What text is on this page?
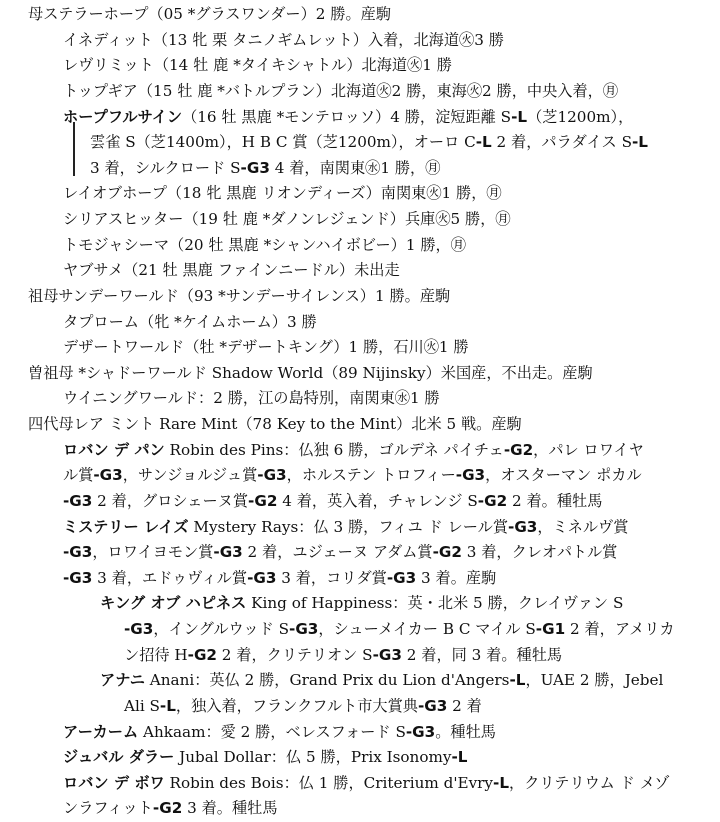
母ステラーホープ（05 *グラスワンダー）2 勝。産駒
イネディット（13 牝 栗 タニノギムレット）入着，北海道㊋3 勝
レヴリミット（14 牡 鹿 *タイキシャトル）北海道㊋1 勝
トップギア（15 牡 鹿 *バトルプラン）北海道㊋2 勝，東海㊋2 勝，中央入着，㊊
ホープフルサイン（16 牡 黒鹿 *モンテロッソ）4 勝，淀短距離 S-L（芝1200m），
雲雀 S（芝1400m），H B C 賞（芝1200m），オーロ C-L 2 着，パラダイス S-L
3 着，シルクロード S-G3 4 着，南関東㊌1 勝，㊊
レイオブホープ（18 牝 黒鹿 リオンディーズ）南関東㊋1 勝，㊊
シリアスヒッター（19 牡 鹿 *ダノンレジェンド）兵庫㊋5 勝，㊊
トモジャシーマ（20 牡 黒鹿 *シャンハイボビー）1 勝，㊊
ヤブサメ（21 牡 黒鹿 ファインニードル）未出走
祖母サンデーワールド（93 *サンデーサイレンス）1 勝。産駒
タプローム（牝 *ケイムホーム）3 勝
デザートワールド（牡 *デザートキング）1 勝，石川㊋1 勝
曽祖母 *シャドーワールド Shadow World（89 Nijinsky）米国産，不出走。産駒
ウイニングワールド：2 勝，江の島特別，南関東㊌1 勝
四代母レア ミント Rare Mint（78 Key to the Mint）北米 5 戦。産駒
ロバン デ パン Robin des Pins：仏独 6 勝，ゴルデネ パイチェ-G2，パレ ロワイヤ
ル賞-G3，サンジョルジュ賞-G3，ホルステン トロフィー-G3，オスターマン ポカル
-G3 2 着，グロシェーヌ賞-G2 4 着，英入着，チャレンジ S-G2 2 着。種牡馬
ミステリー レイズ Mystery Rays：仏 3 勝，フィユ ド レール賞-G3，ミネルヴ賞
-G3，ロワイヨモン賞-G3 2 着，ユジェーヌ アダム賞-G2 3 着，クレオパトル賞
-G3 3 着，エドゥヴィル賞-G3 3 着，コリダ賞-G3 3 着。産駒
キング オブ ハピネス King of Happiness：英・北米 5 勝，クレイヴァン S
-G3，イングルウッド S-G3，シューメイカー B C マイル S-G1 2 着，アメリカ
ン招待 H-G2 2 着，クリテリオン S-G3 2 着，同 3 着。種牡馬
アナニ Anani：英仏 2 勝，Grand Prix du Lion d'Angers-L，UAE 2 勝，Jebel
Ali S-L，独入着，フランクフルト市大賞典-G3 2 着
アーカーム Ahkaam：愛 2 勝，ベレスフォード S-G3。種牡馬
ジュバル ダラー Jubal Dollar：仏 5 勝，Prix Isonomy-L
ロバン デ ボワ Robin des Bois：仏 1 勝，Criterium d'Evry-L，クリテリウム ド メゾ
ンラフィット-G2 3 着。種牡馬
